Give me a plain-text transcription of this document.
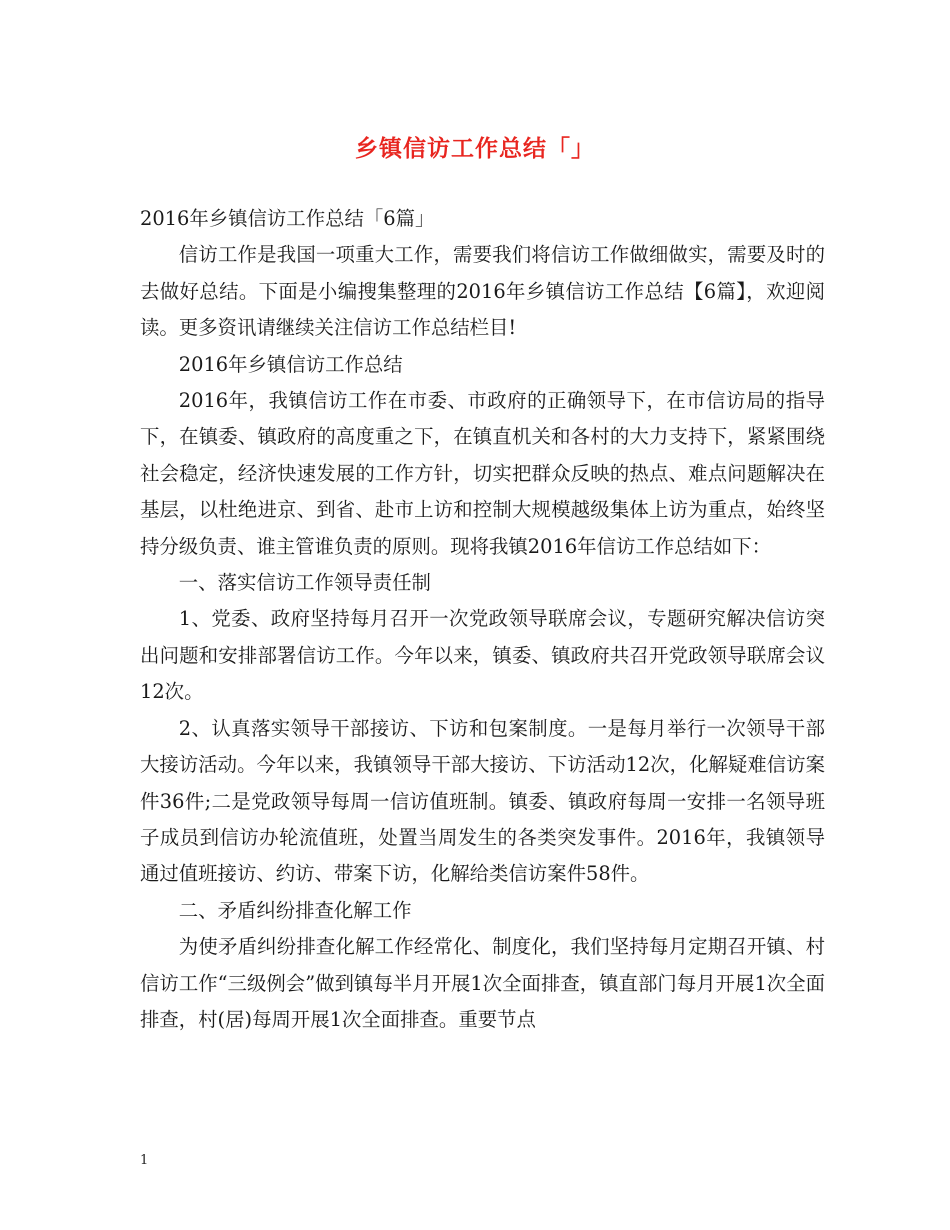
乡镇信访工作总结「」

2016年乡镇信访工作总结「6篇」

信访工作是我国一项重大工作，需要我们将信访工作做细做实，需要及时的去做好总结。下面是小编搜集整理的2016年乡镇信访工作总结【6篇】，欢迎阅读。更多资讯请继续关注信访工作总结栏目!

2016年乡镇信访工作总结

2016年，我镇信访工作在市委、市政府的正确领导下，在市信访局的指导下，在镇委、镇政府的高度重之下，在镇直机关和各村的大力支持下，紧紧围绕社会稳定，经济快速发展的工作方针，切实把群众反映的热点、难点问题解决在基层，以杜绝进京、到省、赴市上访和控制大规模越级集体上访为重点，始终坚持分级负责、谁主管谁负责的原则。现将我镇2016年信访工作总结如下：

一、落实信访工作领导责任制

1、党委、政府坚持每月召开一次党政领导联席会议，专题研究解决信访突出问题和安排部署信访工作。今年以来，镇委、镇政府共召开党政领导联席会议12次。

2、认真落实领导干部接访、下访和包案制度。一是每月举行一次领导干部大接访活动。今年以来，我镇领导干部大接访、下访活动12次，化解疑难信访案件36件;二是党政领导每周一信访值班制。镇委、镇政府每周一安排一名领导班子成员到信访办轮流值班，处置当周发生的各类突发事件。2016年，我镇领导通过值班接访、约访、带案下访，化解给类信访案件58件。

二、矛盾纠纷排查化解工作

为使矛盾纠纷排查化解工作经常化、制度化，我们坚持每月定期召开镇、村信访工作“三级例会”做到镇每半月开展1次全面排查，镇直部门每月开展1次全面排查，村(居)每周开展1次全面排查。重要节点

1
